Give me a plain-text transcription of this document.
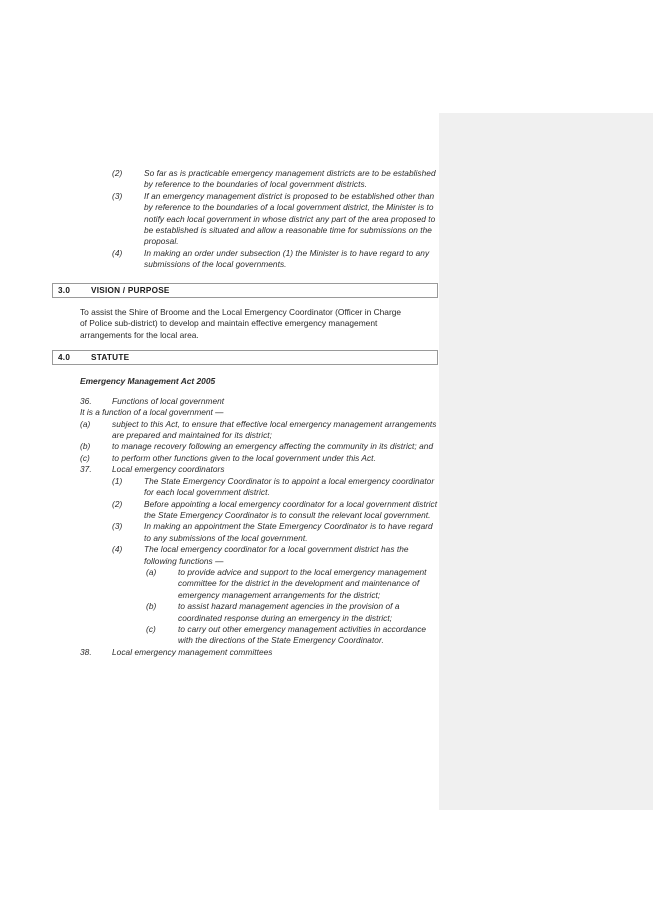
(2)	So far as is practicable emergency management districts are to be established by reference to the boundaries of local government districts.
(3)	If an emergency management district is proposed to be established other than by reference to the boundaries of a local government district, the Minister is to notify each local government in whose district any part of the area proposed to be established is situated and allow a reasonable time for submissions on the proposal.
(4)	In making an order under subsection (1) the Minister is to have regard to any submissions of the local governments.
3.0	VISION / PURPOSE

To assist the Shire of Broome and the Local Emergency Coordinator (Officer in Charge of Police sub-district) to develop and maintain effective emergency management arrangements for the local area.

4.0	STATUTE

Emergency Management Act 2005

36.	Functions of local government

It is a function of a local government —

(a)	subject to this Act, to ensure that effective local emergency management arrangements are prepared and maintained for its district;
(b)	to manage recovery following an emergency affecting the community in its district; and
(c)	to perform other functions given to the local government under this Act.
37.	Local emergency coordinators
(1)	The State Emergency Coordinator is to appoint a local emergency coordinator for each local government district.
(2)	Before appointing a local emergency coordinator for a local government district the State Emergency Coordinator is to consult the relevant local government.
(3)	In making an appointment the State Emergency Coordinator is to have regard to any submissions of the local government.
(4)	The local emergency coordinator for a local government district has the following functions —
(a)	to provide advice and support to the local emergency management committee for the district in the development and maintenance of emergency management arrangements for the district;
(b)	to assist hazard management agencies in the provision of a coordinated response during an emergency in the district;
(c)	to carry out other emergency management activities in accordance with the directions of the State Emergency Coordinator.
38.	Local emergency management committees
